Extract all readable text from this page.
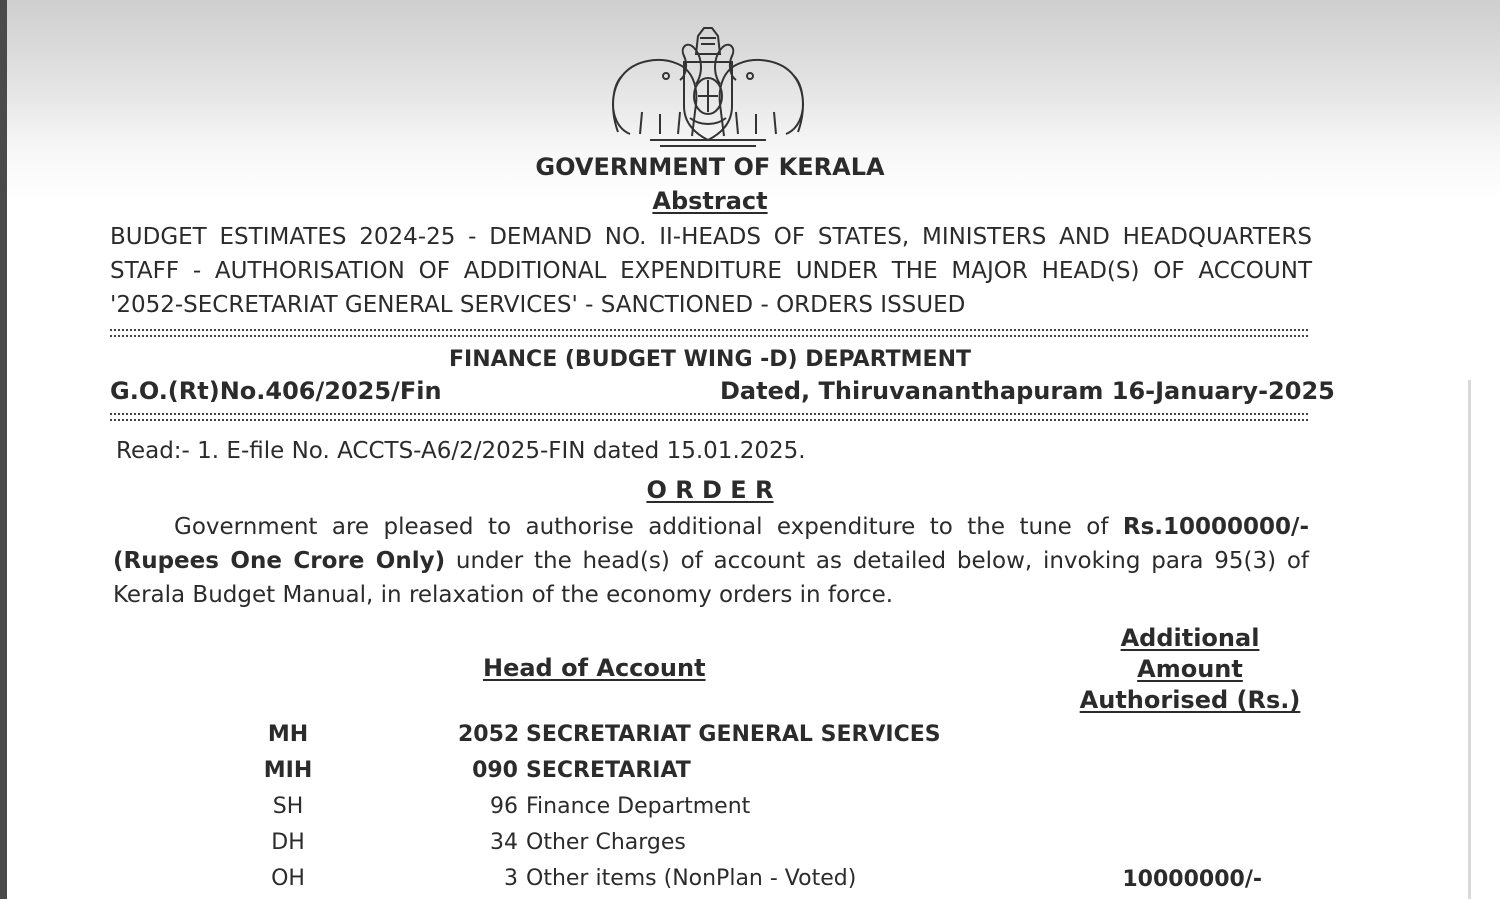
GOVERNMENT OF KERALA
Abstract
BUDGET ESTIMATES 2024-25 - DEMAND NO. II-HEADS OF STATES, MINISTERS AND HEADQUARTERS
STAFF - AUTHORISATION OF ADDITIONAL EXPENDITURE UNDER THE MAJOR HEAD(S) OF ACCOUNT
'2052-SECRETARIAT GENERAL SERVICES' - SANCTIONED - ORDERS ISSUED
FINANCE (BUDGET WING -D) DEPARTMENT
G.O.(Rt)No.406/2025/Fin	Dated, Thiruvananthapuram 16-January-2025
Read:- 1. E-file No. ACCTS-A6/2/2025-FIN dated 15.01.2025.
O R D E R
Government are pleased to authorise additional expenditure to the tune of Rs.10000000/-
(Rupees One Crore Only) under the head(s) of account as detailed below, invoking para 95(3) of
Kerala Budget Manual, in relaxation of the economy orders in force.
Head of Account
Additional
Amount
Authorised (Rs.)
MH	2052 SECRETARIAT GENERAL SERVICES
MIH	090 SECRETARIAT
SH	96 Finance Department
DH	34 Other Charges
OH	3 Other items (NonPlan - Voted)	10000000/-
